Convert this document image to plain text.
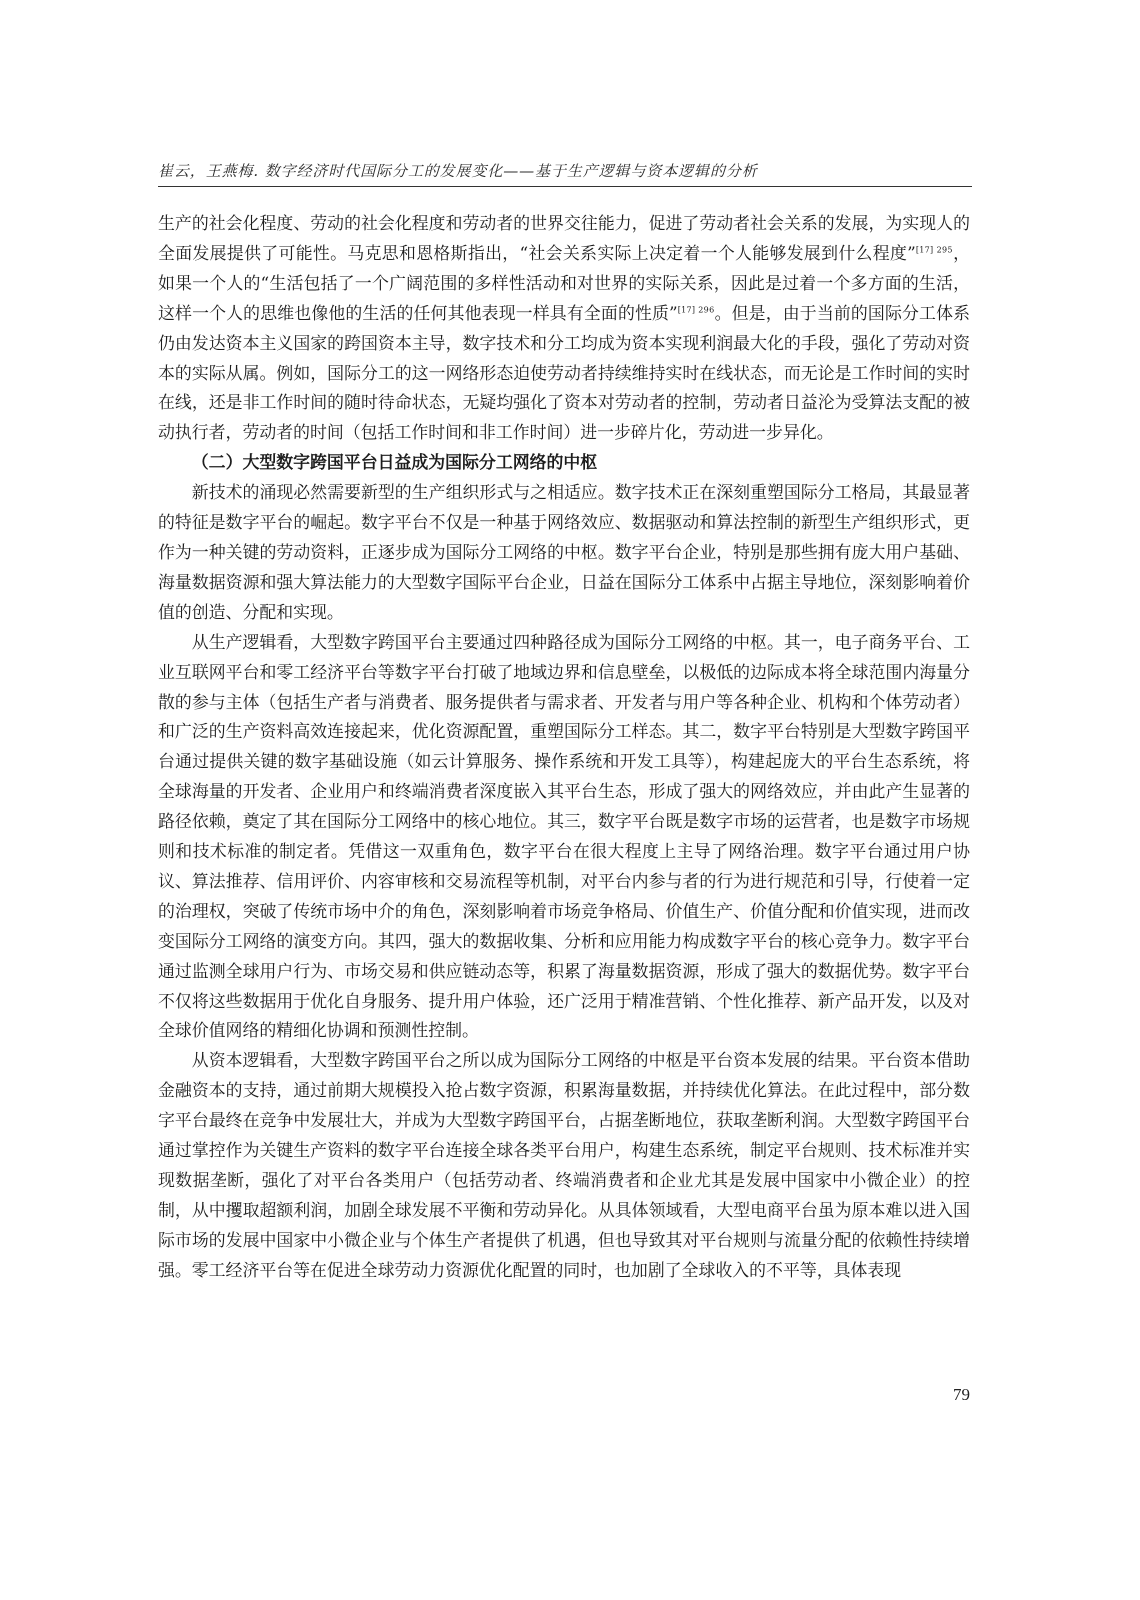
崔云，王燕梅. 数字经济时代国际分工的发展变化——基于生产逻辑与资本逻辑的分析

生产的社会化程度、劳动的社会化程度和劳动者的世界交往能力，促进了劳动者社会关系的发展，为实现人的全面发展提供了可能性。马克思和恩格斯指出，“社会关系实际上决定着一个人能够发展到什么程度”$^{[17] 295}$，如果一个人的“生活包括了一个广阔范围的多样性活动和对世界的实际关系，因此是过着一个多方面的生活，这样一个人的思维也像他的生活的任何其他表现一样具有全面的性质”$^{[17] 296}$。但是，由于当前的国际分工体系仍由发达资本主义国家的跨国资本主导，数字技术和分工均成为资本实现利润最大化的手段，强化了劳动对资本的实际从属。例如，国际分工的这一网络形态迫使劳动者持续维持实时在线状态，而无论是工作时间的实时在线，还是非工作时间的随时待命状态，无疑均强化了资本对劳动者的控制，劳动者日益沦为受算法支配的被动执行者，劳动者的时间（包括工作时间和非工作时间）进一步碎片化，劳动进一步异化。

（二）大型数字跨国平台日益成为国际分工网络的中枢

新技术的涌现必然需要新型的生产组织形式与之相适应。数字技术正在深刻重塑国际分工格局，其最显著的特征是数字平台的崛起。数字平台不仅是一种基于网络效应、数据驱动和算法控制的新型生产组织形式，更作为一种关键的劳动资料，正逐步成为国际分工网络的中枢。数字平台企业，特别是那些拥有庞大用户基础、海量数据资源和强大算法能力的大型数字国际平台企业，日益在国际分工体系中占据主导地位，深刻影响着价值的创造、分配和实现。

从生产逻辑看，大型数字跨国平台主要通过四种路径成为国际分工网络的中枢。其一，电子商务平台、工业互联网平台和零工经济平台等数字平台打破了地域边界和信息壁垒，以极低的边际成本将全球范围内海量分散的参与主体（包括生产者与消费者、服务提供者与需求者、开发者与用户等各种企业、机构和个体劳动者）和广泛的生产资料高效连接起来，优化资源配置，重塑国际分工样态。其二，数字平台特别是大型数字跨国平台通过提供关键的数字基础设施（如云计算服务、操作系统和开发工具等），构建起庞大的平台生态系统，将全球海量的开发者、企业用户和终端消费者深度嵌入其平台生态，形成了强大的网络效应，并由此产生显著的路径依赖，奠定了其在国际分工网络中的核心地位。其三，数字平台既是数字市场的运营者，也是数字市场规则和技术标准的制定者。凭借这一双重角色，数字平台在很大程度上主导了网络治理。数字平台通过用户协议、算法推荐、信用评价、内容审核和交易流程等机制，对平台内参与者的行为进行规范和引导，行使着一定的治理权，突破了传统市场中介的角色，深刻影响着市场竞争格局、价值生产、价值分配和价值实现，进而改变国际分工网络的演变方向。其四，强大的数据收集、分析和应用能力构成数字平台的核心竞争力。数字平台通过监测全球用户行为、市场交易和供应链动态等，积累了海量数据资源，形成了强大的数据优势。数字平台不仅将这些数据用于优化自身服务、提升用户体验，还广泛用于精准营销、个性化推荐、新产品开发，以及对全球价值网络的精细化协调和预测性控制。

从资本逻辑看，大型数字跨国平台之所以成为国际分工网络的中枢是平台资本发展的结果。平台资本借助金融资本的支持，通过前期大规模投入抢占数字资源，积累海量数据，并持续优化算法。在此过程中，部分数字平台最终在竞争中发展壮大，并成为大型数字跨国平台，占据垄断地位，获取垄断利润。大型数字跨国平台通过掌控作为关键生产资料的数字平台连接全球各类平台用户，构建生态系统，制定平台规则、技术标准并实现数据垄断，强化了对平台各类用户（包括劳动者、终端消费者和企业尤其是发展中国家中小微企业）的控制，从中攫取超额利润，加剧全球发展不平衡和劳动异化。从具体领域看，大型电商平台虽为原本难以进入国际市场的发展中国家中小微企业与个体生产者提供了机遇，但也导致其对平台规则与流量分配的依赖性持续增强。零工经济平台等在促进全球劳动力资源优化配置的同时，也加剧了全球收入的不平等，具体表现

79
